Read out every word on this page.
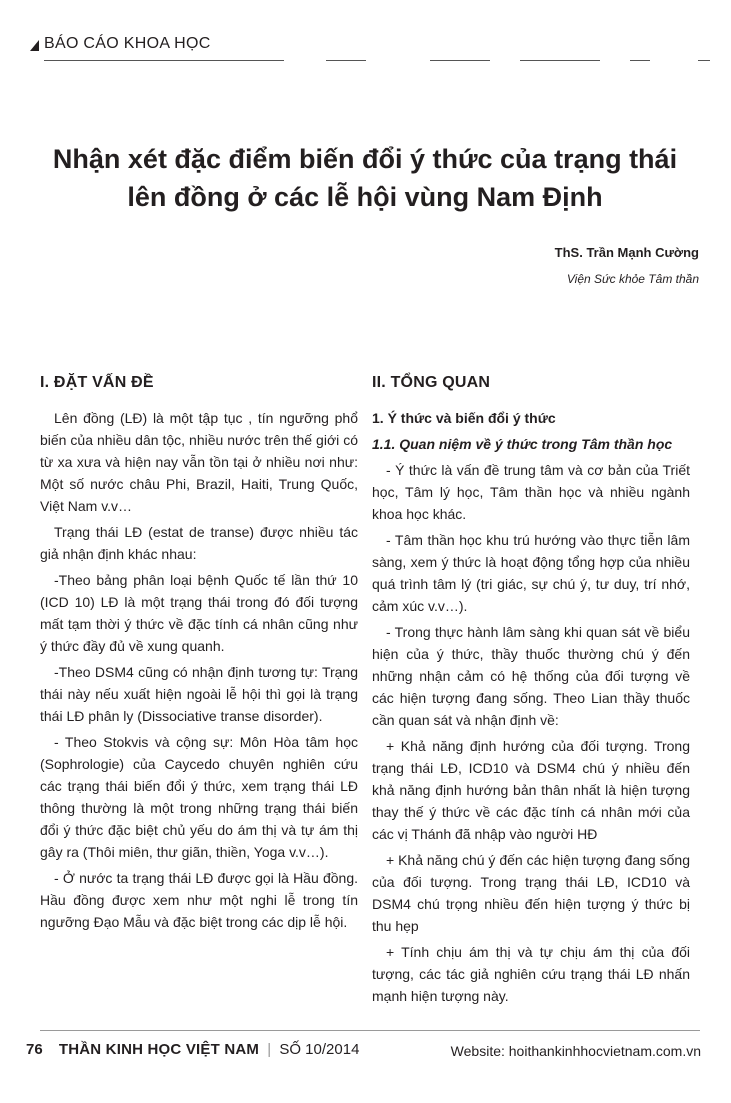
BÁO CÁO KHOA HỌC
Nhận xét đặc điểm biến đổi ý thức của trạng thái
lên đồng ở các lễ hội vùng Nam Định
ThS. Trần Mạnh Cường
Viện Sức khỏe Tâm thần
I. ĐẶT VẤN ĐỀ

Lên đồng (LĐ) là một tập tục , tín ngưỡng phổ biến của nhiều dân tộc, nhiều nước trên thế giới có từ xa xưa và hiện nay vẫn tồn tại ở nhiều nơi như: Một số nước châu Phi, Brazil, Haiti, Trung Quốc, Việt Nam v.v…

Trạng thái LĐ (estat de transe) được nhiều tác giả nhận định khác nhau:

-Theo bảng phân loại bệnh Quốc tế lần thứ 10 (ICD 10) LĐ là một trạng thái trong đó đối tượng mất tạm thời ý thức về đặc tính cá nhân cũng như ý thức đầy đủ về xung quanh.

-Theo DSM4 cũng có nhận định tương tự: Trạng thái này nếu xuất hiện ngoài lễ hội thì gọi là trạng thái LĐ phân ly (Dissociative transe disorder).

- Theo Stokvis và cộng sự: Môn Hòa tâm học (Sophrologie) của Caycedo chuyên nghiên cứu các trạng thái biến đổi ý thức, xem trạng thái LĐ thông thường là một trong những trạng thái biến đổi ý thức đặc biệt chủ yếu do ám thị và tự ám thị gây ra (Thôi miên, thư giãn, thiền, Yoga v.v…).

- Ở nước ta trạng thái LĐ được gọi là Hầu đồng. Hầu đồng được xem như một nghi lễ trong tín ngưỡng Đạo Mẫu và đặc biệt trong các dịp lễ hội.

II. TỔNG QUAN

1. Ý thức và biến đổi ý thức

1.1. Quan niệm về ý thức trong Tâm thần học

- Ý thức là vấn đề trung tâm và cơ bản của Triết học, Tâm lý học, Tâm thần học và nhiều ngành khoa học khác.

- Tâm thần học khu trú hướng vào thực tiễn lâm sàng, xem ý thức là hoạt động tổng hợp của nhiều quá trình tâm lý (tri giác, sự chú ý, tư duy, trí nhớ, cảm xúc v.v…).

- Trong thực hành lâm sàng khi quan sát về biểu hiện của ý thức, thầy thuốc thường chú ý đến những nhận cảm có hệ thống của đối tượng về các hiện tượng đang sống. Theo Lian thầy thuốc cần quan sát và nhận định về:

+ Khả năng định hướng của đối tượng. Trong trạng thái LĐ, ICD10 và DSM4 chú ý nhiều đến khả năng định hướng bản thân nhất là hiện tượng thay thế ý thức về các đặc tính cá nhân mới của các vị Thánh đã nhập vào người HĐ

+ Khả năng chú ý đến các hiện tượng đang sống của đối tượng. Trong trạng thái LĐ, ICD10 và DSM4 chú trọng nhiều đến hiện tượng ý thức bị thu hẹp

+ Tính chịu ám thị và tự chịu ám thị của đối tượng, các tác giả nghiên cứu trạng thái LĐ nhấn mạnh hiện tượng này.

76 THẦN KINH HỌC VIỆT NAM | SỐ 10/2014	Website: hoithankinhhocvietnam.com.vn
